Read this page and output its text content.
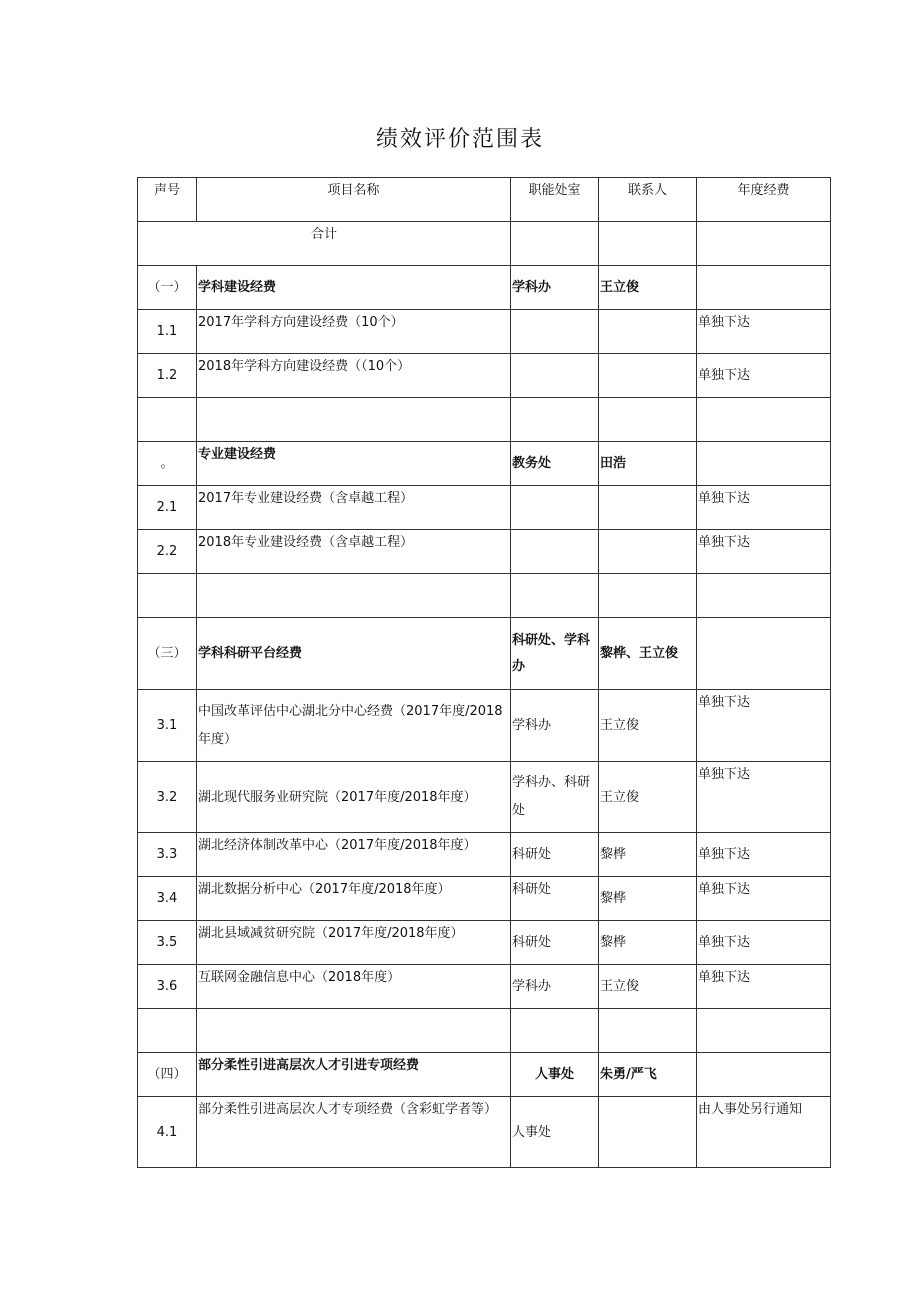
绩效评价范围表
声号	项目名称	职能处室	联系人	年度经费
合计				
（一）	学科建设经费	学科办	王立俊	
1.1	2017年学科方向建设经费（10个）			单独下达
1.2	2018年学科方向建设经费（（10个）			单独下达

。	专业建设经费	教务处	田浩	
2.1	2017年专业建设经费（含卓越工程）			单独下达
2.2	2018年专业建设经费（含卓越工程）			单独下达

（三）	学科科研平台经费	科研处、学科办	黎桦、王立俊	
3.1	中国改革评估中心湖北分中心经费（2017年度/2018年度）	学科办	王立俊	单独下达
3.2	湖北现代服务业研究院（2017年度/2018年度）	学科办、科研处	王立俊	单独下达
3.3	湖北经济体制改革中心（2017年度/2018年度）	科研处	黎桦	单独下达
3.4	湖北数据分析中心（2017年度/2018年度）	科研处	黎桦	单独下达
3.5	湖北县域减贫研究院（2017年度/2018年度）	科研处	黎桦	单独下达
3.6	互联网金融信息中心（2018年度）	学科办	王立俊	单独下达

（四）	部分柔性引进高层次人才引进专项经费	人事处	朱勇/严飞	
4.1	部分柔性引进高层次人才专项经费（含彩虹学者等）	人事处		由人事处另行通知
